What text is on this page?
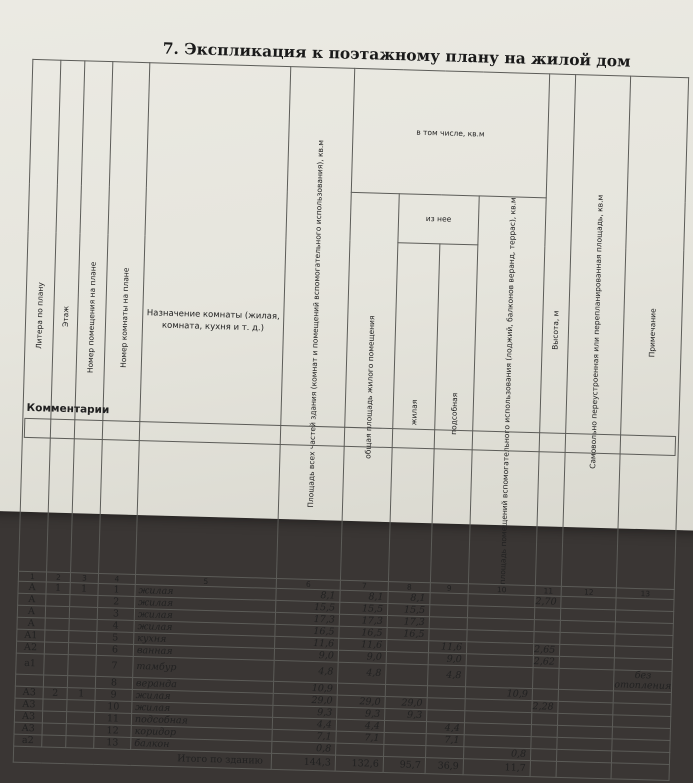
7. Экспликация к поэтажному плану на жилой дом
Литера по плану	Этаж	Номер помещения на плане	Номер комнаты на плане	Назначение комнаты (жилая, комната, кухня и т. д.)	Площадь всех частей здания (комнат и помещений вспомогательного использования), кв.м	в том числе, кв.м				Высота, м	Самовольно переустроенная или перепланированная площадь, кв.м	Примечание

						общая площадь жилого помещения	из нее		площадь помещений вспомогательного использования (лоджий, балконов веранд, террас), кв.м			

							жилая	подсобная				

1	2	3	4	5	6	7	8	9	10	11	12	13
А	1	1	1	жилая	8,1	8,1	8,1			2,70		
А			2	жилая	15,5	15,5	15,5					
А			3	жилая	17,3	17,3	17,3					
А			4	жилая	16,5	16,5	16,5					
А1			5	кухня	11,6	11,6		11,6		2,65		
А2			6	ванная	9,0	9,0		9,0		2,62		
а1			7	тамбур	4,8	4,8		4,8				без отопления
			8	веранда	10,9				10,9			
А3	2	1	9	жилая	29,0	29,0	29,0			2,28		
А3			10	жилая	9,3	9,3	9,3					
А3			11	подсобная	4,4	4,4		4,4				
А3			12	коридор	7,1	7,1		7,1				
а2			13	балкон	0,8				0,8			
Итого по зданию					144,3	132,6	95,7	36,9	11,7			
Комментарии
